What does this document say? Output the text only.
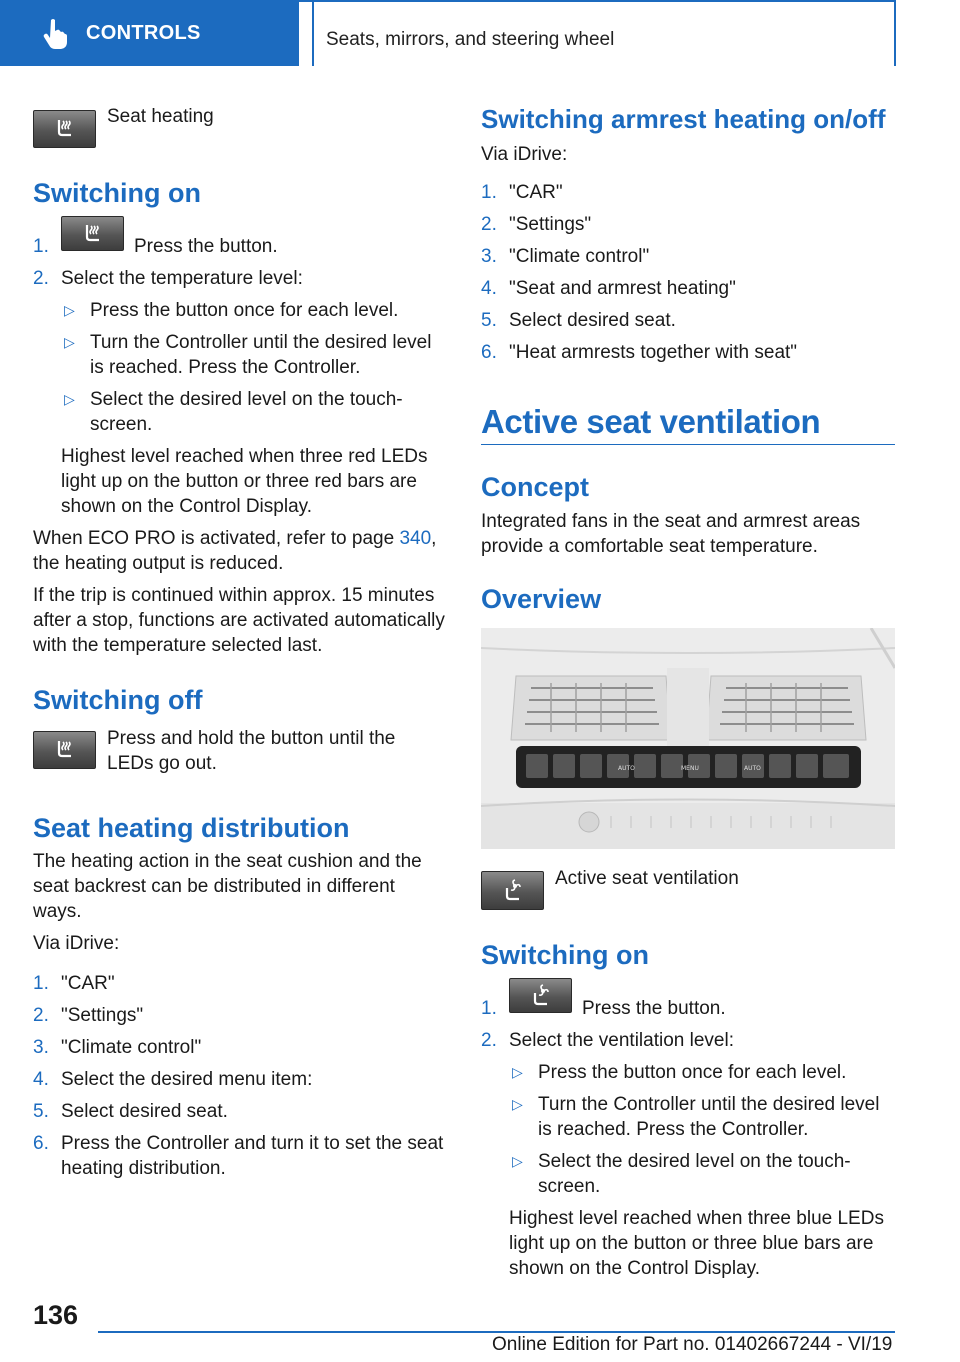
CONTROLS	Seats, mirrors, and steering wheel
Seat heating
Switching on
1.	Press the button.
2. Select the temperature level:
▷ Press the button once for each level.
▷ Turn the Controller until the desired level
is reached. Press the Controller.
▷ Select the desired level on the touch-
screen.
Highest level reached when three red LEDs
light up on the button or three red bars are
shown on the Control Display.
When ECO PRO is activated, refer to page 340,
the heating output is reduced.
If the trip is continued within approx. 15 minutes
after a stop, functions are activated automatically
with the temperature selected last.
Switching off
Press and hold the button until the
LEDs go out.
Seat heating distribution
The heating action in the seat cushion and the
seat backrest can be distributed in different
ways.
Via iDrive:
1. "CAR"
2. "Settings"
3. "Climate control"
4. Select the desired menu item:
5. Select desired seat.
6. Press the Controller and turn it to set the seat
heating distribution.
Switching armrest heating on/off
Via iDrive:
1. "CAR"
2. "Settings"
3. "Climate control"
4. "Seat and armrest heating"
5. Select desired seat.
6. "Heat armrests together with seat"
Active seat ventilation
Concept
Integrated fans in the seat and armrest areas
provide a comfortable seat temperature.
Overview
AUTO	MENU	AUTO
Active seat ventilation
Switching on
1.	Press the button.
2. Select the ventilation level:
▷ Press the button once for each level.
▷ Turn the Controller until the desired level
is reached. Press the Controller.
▷ Select the desired level on the touch-
screen.
Highest level reached when three blue LEDs
light up on the button or three blue bars are
shown on the Control Display.
136
Online Edition for Part no. 01402667244 - VI/19
